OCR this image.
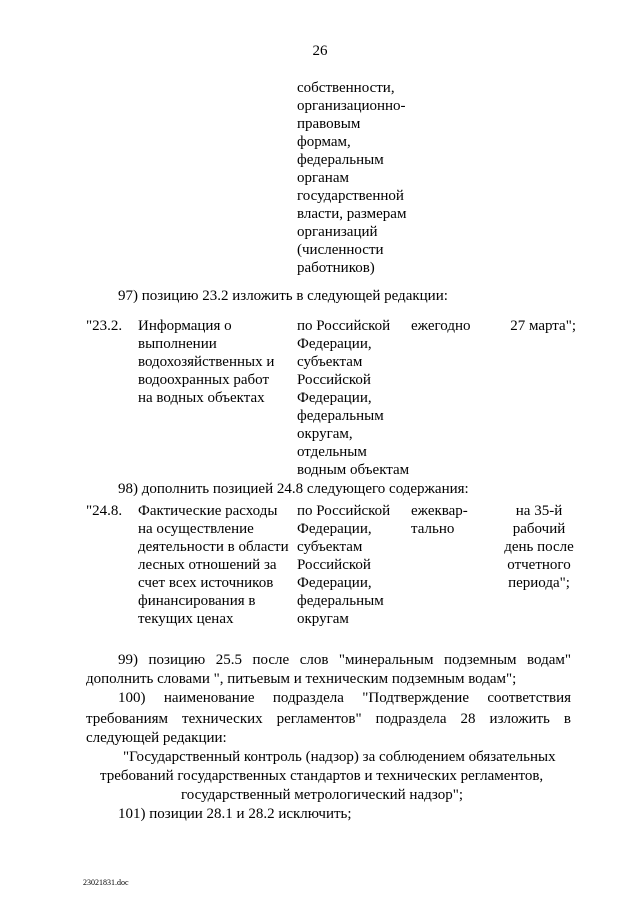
26
собственности,
организационно-
правовым
формам,
федеральным
органам
государственной
власти, размерам
организаций
(численности
работников)
97) позицию 23.2 изложить в следующей редакции:
"23.2. Информация о
выполнении
водохозяйственных и
водоохранных работ
на водных объектах
по Российской
Федерации,
субъектам
Российской
Федерации,
федеральным
округам,
отдельным
водным объектам
ежегодно	27 марта";
98) дополнить позицией 24.8 следующего содержания:
"24.8. Фактические расходы
на осуществление
деятельности в области
лесных отношений за
счет всех источников
финансирования в
текущих ценах
по Российской
Федерации,
субъектам
Российской
Федерации,
федеральным
округам
ежеквар-
тально
на 35-й
рабочий
день после
отчетного
периода";
99) позицию 25.5 после слов "минеральным подземным водам"
дополнить словами ", питьевым и техническим подземным водам";
100) наименование подраздела "Подтверждение соответствия
требованиям технических регламентов" подраздела 28 изложить в
следующей редакции:
"Государственный контроль (надзор) за соблюдением обязательных
требований государственных стандартов и технических регламентов,
государственный метрологический надзор";
101) позиции 28.1 и 28.2 исключить;
23021831.doc
